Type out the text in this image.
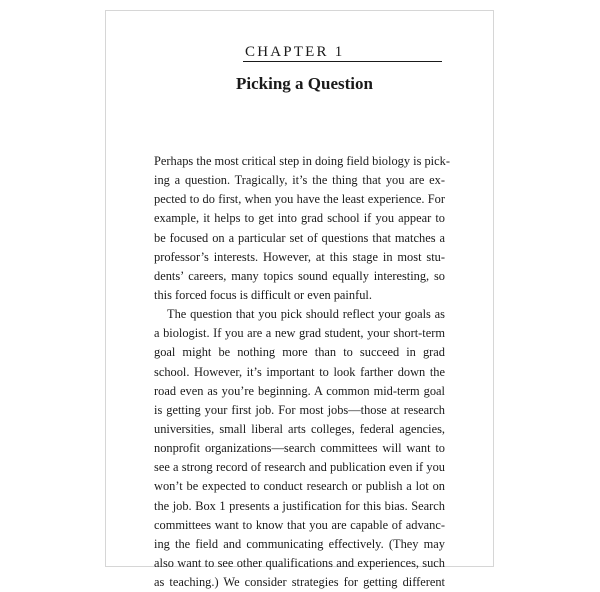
CHAPTER 1
Picking a Question
Perhaps the most critical step in doing field biology is pick-
ing a question. Tragically, it’s the thing that you are ex-
pected to do first, when you have the least experience. For
example, it helps to get into grad school if you appear to
be focused on a particular set of questions that matches a
professor’s interests. However, at this stage in most stu-
dents’ careers, many topics sound equally interesting, so
this forced focus is difficult or even painful.
The question that you pick should reflect your goals as
a biologist. If you are a new grad student, your short-term
goal might be nothing more than to succeed in grad
school. However, it’s important to look farther down the
road even as you’re beginning. A common mid-term goal
is getting your first job. For most jobs—those at research
universities, small liberal arts colleges, federal agencies,
nonprofit organizations—search committees will want to
see a strong record of research and publication even if you
won’t be expected to conduct research or publish a lot on
the job. Box 1 presents a justification for this bias. Search
committees want to know that you are capable of advanc-
ing the field and communicating effectively. (They may
also want to see other qualifications and experiences, such
as teaching.) We consider strategies for getting different
